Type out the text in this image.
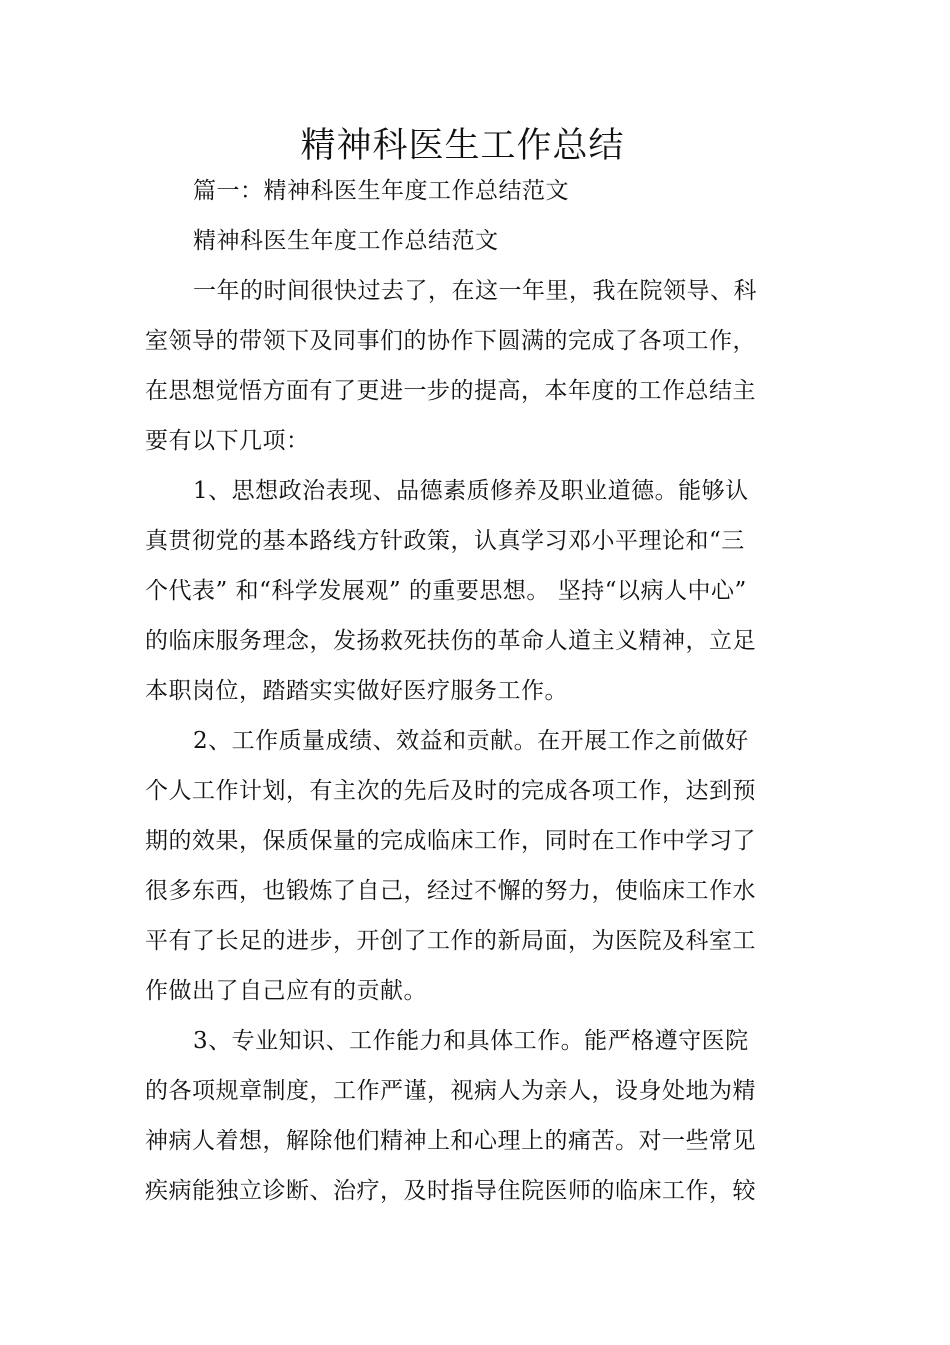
精神科医生工作总结
篇一：精神科医生年度工作总结范文
精神科医生年度工作总结范文
一年的时间很快过去了，在这一年里，我在院领导、科
室领导的带领下及同事们的协作下圆满的完成了各项工作，
在思想觉悟方面有了更进一步的提高，本年度的工作总结主
要有以下几项：
1、思想政治表现、品德素质修养及职业道德。能够认
真贯彻党的基本路线方针政策，认真学习邓小平理论和“三
个代表” 和“科学发展观” 的重要思想。 坚持“以病人中心”
的临床服务理念，发扬救死扶伤的革命人道主义精神，立足
本职岗位，踏踏实实做好医疗服务工作。
2、工作质量成绩、效益和贡献。在开展工作之前做好
个人工作计划，有主次的先后及时的完成各项工作，达到预
期的效果，保质保量的完成临床工作，同时在工作中学习了
很多东西，也锻炼了自己，经过不懈的努力，使临床工作水
平有了长足的进步，开创了工作的新局面，为医院及科室工
作做出了自己应有的贡献。
3、专业知识、工作能力和具体工作。能严格遵守医院
的各项规章制度，工作严谨，视病人为亲人，设身处地为精
神病人着想，解除他们精神上和心理上的痛苦。对一些常见
疾病能独立诊断、治疗，及时指导住院医师的临床工作，较
